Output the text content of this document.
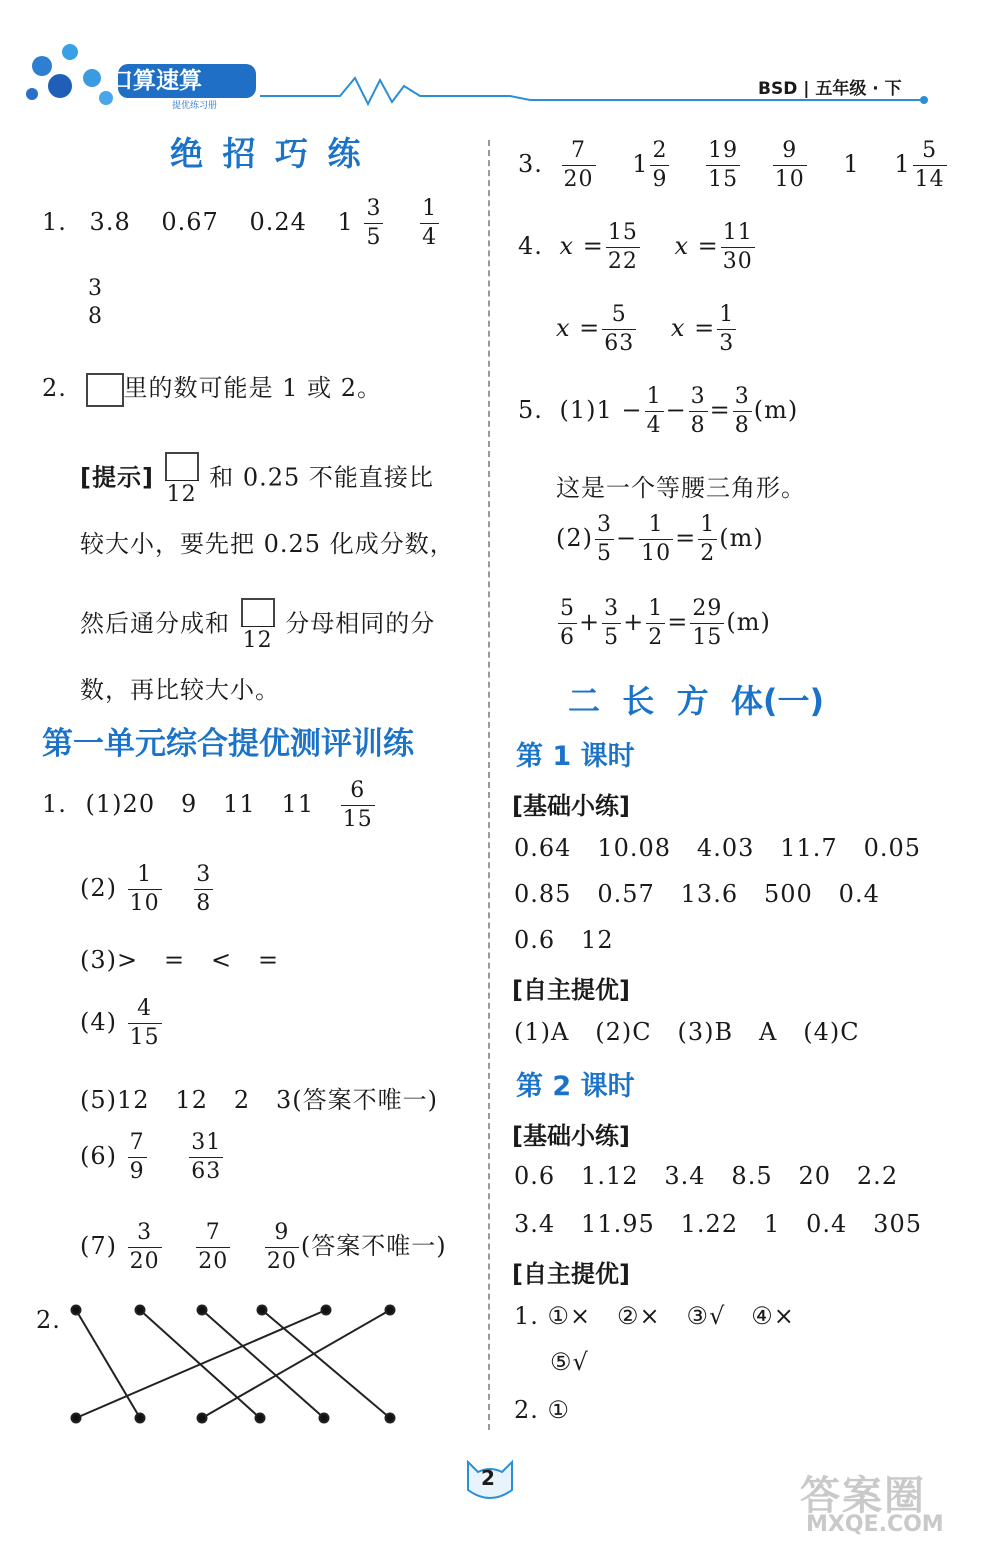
口算速算
提优练习册
BSD | 五年级 · 下
绝 招 巧 练
1. 3.8 0.67 0.24 $1 \frac{3}{5}$
$\frac{1}{4}$
3
8
2. 里的数可能是 1 或 2。
[提示]
12
和 0.25 不能直接比
较大小，要先把 0.25 化成分数，
然后通分成和
12
分母相同的分
数，再比较大小。
第一单元综合提优测评训练
1. (1)20   9   11   $11 \frac{6}{15}$
$(2) \frac{1}{10}$
$\frac{3}{8}$
(3)>   =   <   =
$(4) \frac{4}{15}$
(5)12   12   2   3(答案不唯一)
$(6) \frac{7}{9}$
$\frac{31}{63}$
$(7) \frac{3}{20}$
$\frac{7}{20}$
$\frac{9}{20}$ (答案不唯一)
2.
3. $\frac{7}{20} 1 \frac{2}{9}$
$\frac{19}{15}$
$\frac{9}{10} 1$ $1 \frac{5}{14}$
4. $x = \frac{15}{22}$ $x = \frac{11}{30}$
$x = \frac{5}{63}$ $x = \frac{1}{3}$
5. $(1)1 - \frac{1}{4} - \frac{3}{8} = \frac{3}{8} (m)$
这是一个等腰三角形。
$(2) \frac{3}{5} - \frac{1}{10} = \frac{1}{2} (m)$
$\frac{5}{6} + \frac{3}{5} + \frac{1}{2} = \frac{29}{15} (m)$
二  长  方  体(一)
第 1 课时
[基础小练]
0.64   10.08   4.03   11.7   0.05
0.85   0.57   13.6   500   0.4
0.6   12
[自主提优]
(1)A   (2)C   (3)B   A   (4)C
第 2 课时
[基础小练]
0.6   1.12   3.4   8.5   20   2.2
3.4   11.95   1.22   1   0.4   305
[自主提优]
1. ①×   ②×   ③√   ④×
⑤√
2. ①
2	答案圈
MXQE.COM
